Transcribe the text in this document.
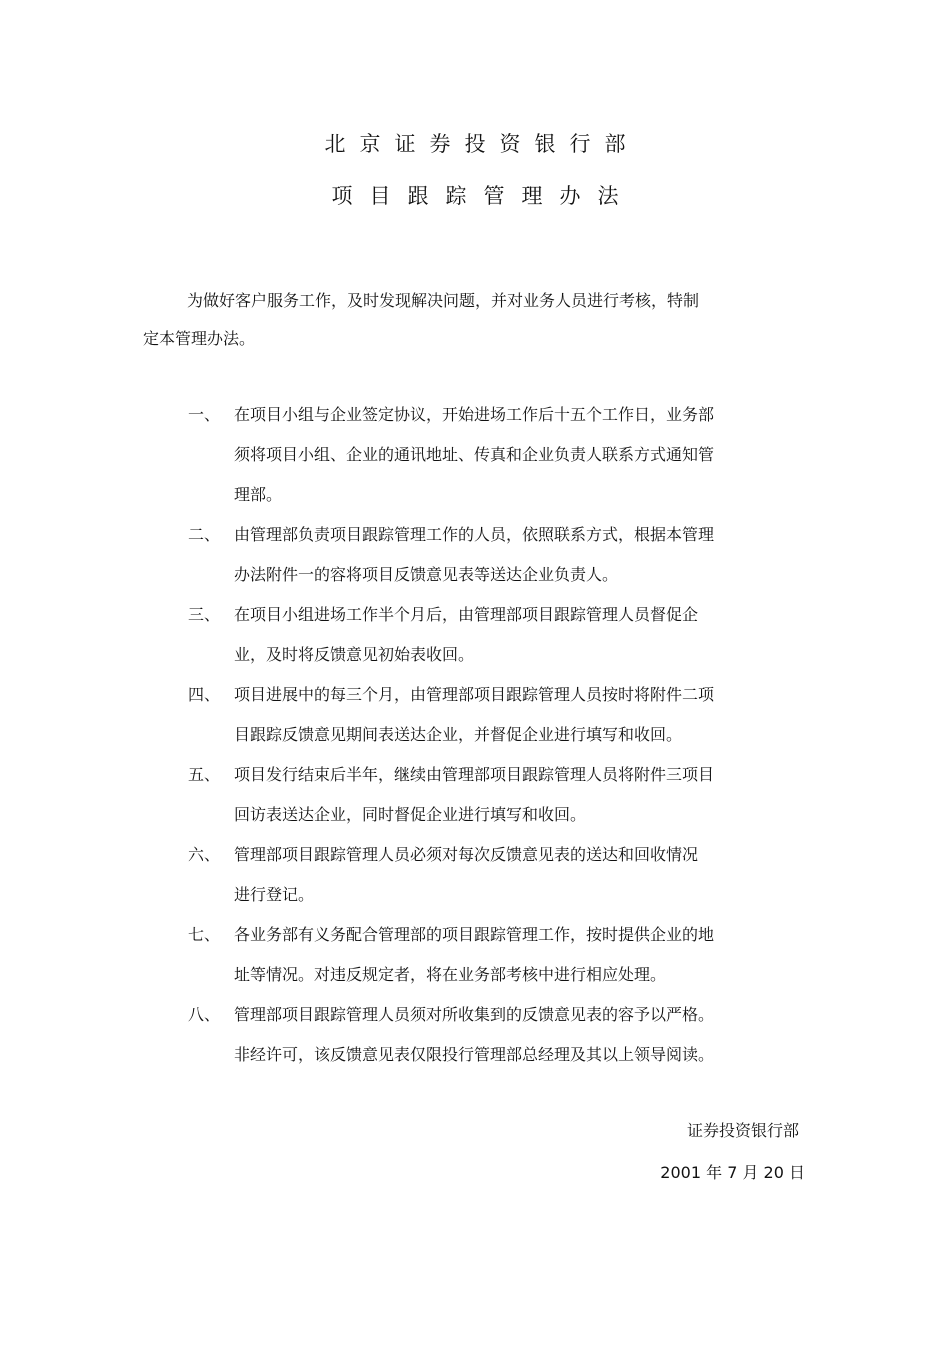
北京证券投资银行部
项目跟踪管理办法
为做好客户服务工作，及时发现解决问题，并对业务人员进行考核，特制
定本管理办法。
一、 在项目小组与企业签定协议，开始进场工作后十五个工作日，业务部
须将项目小组、企业的通讯地址、传真和企业负责人联系方式通知管
理部。
二、 由管理部负责项目跟踪管理工作的人员，依照联系方式，根据本管理
办法附件一的容将项目反馈意见表等送达企业负责人。
三、 在项目小组进场工作半个月后，由管理部项目跟踪管理人员督促企
业，及时将反馈意见初始表收回。
四、 项目进展中的每三个月，由管理部项目跟踪管理人员按时将附件二项
目跟踪反馈意见期间表送达企业，并督促企业进行填写和收回。
五、 项目发行结束后半年，继续由管理部项目跟踪管理人员将附件三项目
回访表送达企业，同时督促企业进行填写和收回。
六、 管理部项目跟踪管理人员必须对每次反馈意见表的送达和回收情况
进行登记。
七、 各业务部有义务配合管理部的项目跟踪管理工作，按时提供企业的地
址等情况。对违反规定者，将在业务部考核中进行相应处理。
八、 管理部项目跟踪管理人员须对所收集到的反馈意见表的容予以严格。
非经许可，该反馈意见表仅限投行管理部总经理及其以上领导阅读。
证券投资银行部
2001 年 7 月 20 日
